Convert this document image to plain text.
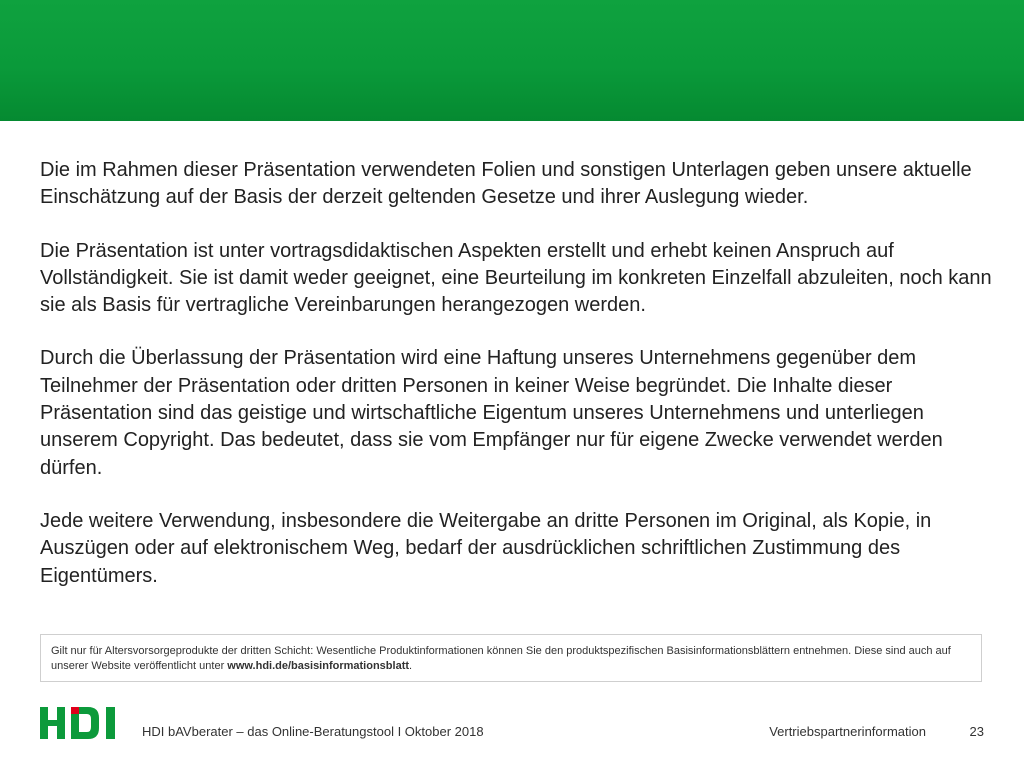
Die im Rahmen dieser Präsentation verwendeten Folien und sonstigen Unterlagen geben unsere aktuelle Einschätzung auf der Basis der derzeit geltenden Gesetze und ihrer Auslegung wieder.

Die Präsentation ist unter vortragsdidaktischen Aspekten erstellt und erhebt keinen Anspruch auf Vollständigkeit. Sie ist damit weder geeignet, eine Beurteilung im konkreten Einzelfall abzuleiten, noch kann sie als Basis für vertragliche Vereinbarungen herangezogen werden.

Durch die Überlassung der Präsentation wird eine Haftung unseres Unternehmens gegenüber dem Teilnehmer der Präsentation oder dritten Personen in keiner Weise begründet. Die Inhalte dieser Präsentation sind das geistige und wirtschaftliche Eigentum unseres Unternehmens und unterliegen unserem Copyright. Das bedeutet, dass sie vom Empfänger nur für eigene Zwecke verwendet werden dürfen.

Jede weitere Verwendung, insbesondere die Weitergabe an dritte Personen im Original, als Kopie, in Auszügen oder auf elektronischem Weg, bedarf der ausdrücklichen schriftlichen Zustimmung des Eigentümers.

Gilt nur für Altersvorsorgeprodukte der dritten Schicht: Wesentliche Produktinformationen können Sie den produktspezifischen Basisinformationsblättern entnehmen. Diese sind auch auf unserer Website veröffentlicht unter www.hdi.de/basisinformationsblatt.
HDI bAVberater – das Online-Beratungstool I Oktober 2018	Vertriebspartnerinformation	23
